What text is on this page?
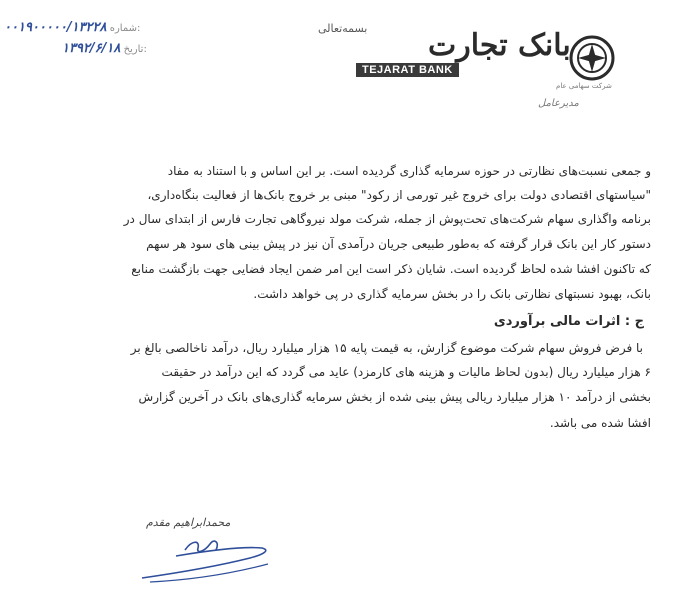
۰۰۱۹۰۰۰۰۰/۱۳۲۲۸ شماره:
۱۳۹۲/۶/۱۸ تاریخ:
بسمه‌تعالی بانک تجارت
TEJARAT BANK
شرکت سهامی عام
مدیرعامل
و جمعی نسبت‌های نظارتی در حوزه سرمایه گذاری گردیده است. بر این اساس و با استناد به مفاد
"سیاستهای اقتصادی دولت برای خروج غیر تورمی از رکود" مبنی بر خروج بانک‌ها از فعالیت بنگاه‌داری،
برنامه واگذاری سهام شرکت‌های تحت‌پوش از جمله، شرکت مولد نیروگاهی تجارت فارس از ابتدای سال در
دستور کار این بانک قرار گرفته که به‌طور طبیعی جریان درآمدی آن نیز در پیش بینی های سود هر سهم
که تاکنون افشا شده لحاظ گردیده است. شایان ذکر است این امر ضمن ایجاد فضایی جهت بازگشت منابع
بانک، بهبود نسبتهای نظارتی بانک را در بخش سرمایه گذاری در پی خواهد داشت.
ج : اثرات مالی برآوردی
با فرض فروش سهام شرکت موضوع گزارش، به قیمت پایه ۱۵ هزار میلیارد ریال، درآمد ناخالصی بالغ بر
۶ هزار میلیارد ریال (بدون لحاظ مالیات و هزینه های کارمزد) عاید می گردد که این درآمد در حقیقت
بخشی از درآمد ۱۰ هزار میلیارد ریالی پیش بینی شده از بخش سرمایه گذاری‌های بانک در آخرین گزارش
افشا شده می باشد.
محمدابراهیم مقدم
